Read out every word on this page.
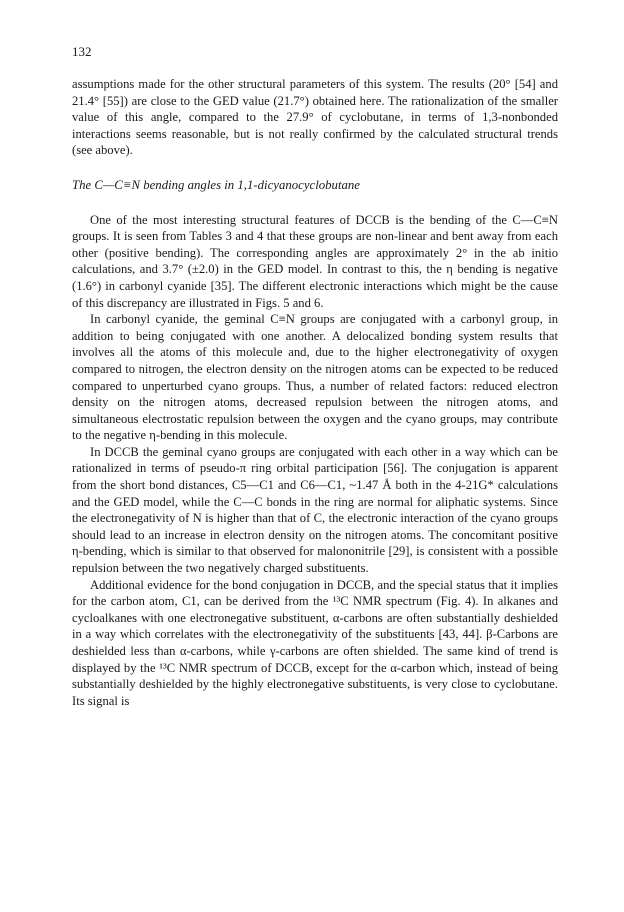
132

assumptions made for the other structural parameters of this system. The results (20° [54] and 21.4° [55]) are close to the GED value (21.7°) obtained here. The rationalization of the smaller value of this angle, compared to the 27.9° of cyclobutane, in terms of 1,3-nonbonded interactions seems reasonable, but is not really confirmed by the calculated structural trends (see above).

The C—C≡N bending angles in 1,1-dicyanocyclobutane

One of the most interesting structural features of DCCB is the bending of the C—C≡N groups. It is seen from Tables 3 and 4 that these groups are non-linear and bent away from each other (positive bending). The corresponding angles are approximately 2° in the ab initio calculations, and 3.7° (±2.0) in the GED model. In contrast to this, the η bending is negative (1.6°) in carbonyl cyanide [35]. The different electronic interactions which might be the cause of this discrepancy are illustrated in Figs. 5 and 6.

In carbonyl cyanide, the geminal C≡N groups are conjugated with a carbonyl group, in addition to being conjugated with one another. A delocalized bonding system results that involves all the atoms of this molecule and, due to the higher electronegativity of oxygen compared to nitrogen, the electron density on the nitrogen atoms can be expected to be reduced compared to unperturbed cyano groups. Thus, a number of related factors: reduced electron density on the nitrogen atoms, decreased repulsion between the nitrogen atoms, and simultaneous electrostatic repulsion between the oxygen and the cyano groups, may contribute to the negative η-bending in this molecule.

In DCCB the geminal cyano groups are conjugated with each other in a way which can be rationalized in terms of pseudo-π ring orbital participation [56]. The conjugation is apparent from the short bond distances, C5—C1 and C6—C1, ~1.47 Å both in the 4-21G* calculations and the GED model, while the C—C bonds in the ring are normal for aliphatic systems. Since the electronegativity of N is higher than that of C, the electronic interaction of the cyano groups should lead to an increase in electron density on the nitrogen atoms. The concomitant positive η-bending, which is similar to that observed for malononitrile [29], is consistent with a possible repulsion between the two negatively charged substituents.

Additional evidence for the bond conjugation in DCCB, and the special status that it implies for the carbon atom, C1, can be derived from the ¹³C NMR spectrum (Fig. 4). In alkanes and cycloalkanes with one electronegative substituent, α-carbons are often substantially deshielded in a way which correlates with the electronegativity of the substituents [43, 44]. β-Carbons are deshielded less than α-carbons, while γ-carbons are often shielded. The same kind of trend is displayed by the ¹³C NMR spectrum of DCCB, except for the α-carbon which, instead of being substantially deshielded by the highly electronegative substituents, is very close to cyclobutane. Its signal is
